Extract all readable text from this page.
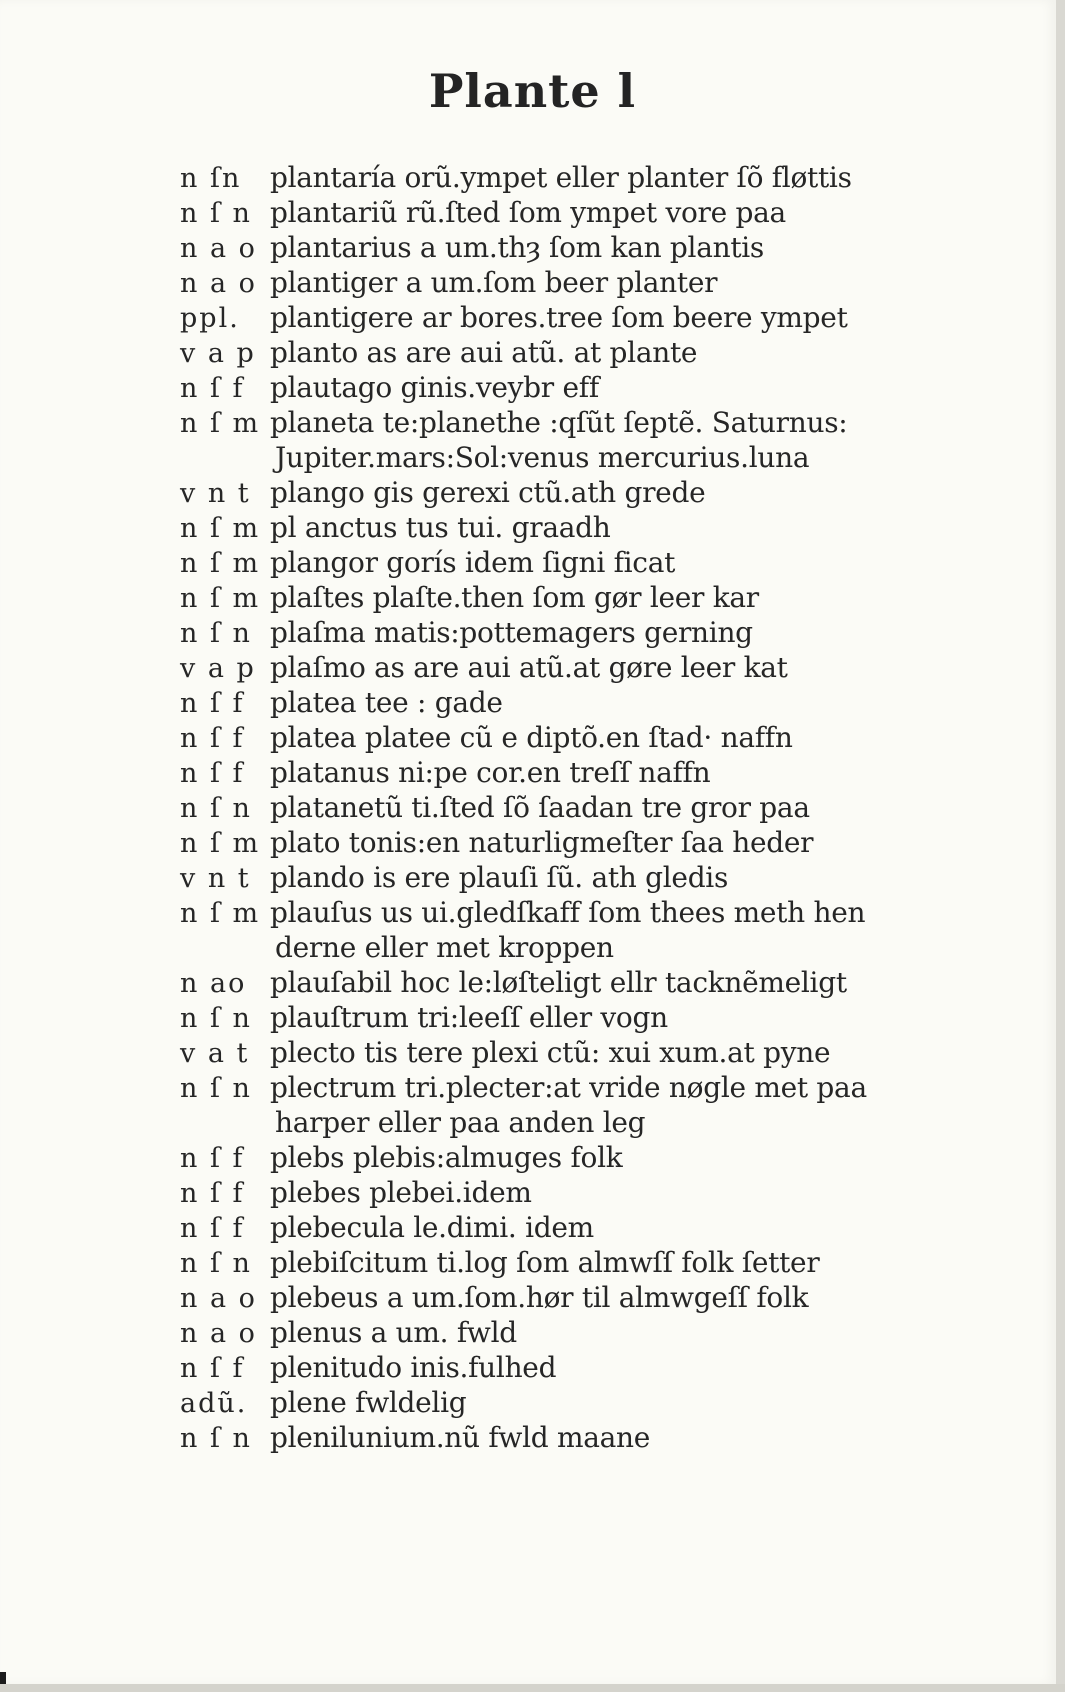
Plante l
n ſn	plantaría orũ.ympet eller planter ſõ fløttis
n ſ n plantariũ rũ.ſted ſom ympet vore paa
n a o plantarius a um.thȝ ſom kan plantis
n a o plantiger a um.ſom beer planter
ppl.	plantigere ar bores.tree ſom beere ympet
v a p planto as are aui atũ. at plante
n ſ f plautago ginis.veybr eff
n ſ m planeta te:planethe :qſũt ſeptẽ. Saturnus:
Jupiter.mars:Sol:venus mercurius.luna
v n t plango gis gerexi ctũ.ath grede
n ſ m pl anctus tus tui. graadh
n ſ m plangor gorís idem ſigni ficat
n ſ m plaſtes plaſte.then ſom gør leer kar
n ſ n plaſma matis:pottemagers gerning
v a p plaſmo as are aui atũ.at gøre leer kat
n ſ f platea tee : gade
n ſ f platea platee cũ e diptõ.en ſtad· naffn
n ſ f platanus ni:pe cor.en treſſ naffn
n ſ n platanetũ ti.ſted ſõ ſaadan tre gror paa
n ſ m plato tonis:en naturligmeſter ſaa heder
v n t plando is ere plauſi ſũ. ath gledis
n ſ m plauſus us ui.gledſkaff ſom thees meth hen
derne eller met kroppen
n ao plauſabil hoc le:løſteligt ellr tacknẽmeligt
n ſ n plauſtrum tri:leeſſ eller vogn
v a t plecto tis tere plexi ctũ: xui xum.at pyne
n ſ n plectrum tri.plecter:at vride nøgle met paa
harper eller paa anden leg
n ſ f plebs plebis:almuges folk
n ſ f plebes plebei.idem
n ſ f plebecula le.dimi. idem
n ſ n plebiſcitum ti.log ſom almwſſ folk ſetter
n a o plebeus a um.ſom.hør til almwgeſſ folk
n a o plenus a um. fwld
n ſ f plenitudo inis.fulhed
adũ. plene fwldelig
n ſ n plenilunium.nũ fwld maane
